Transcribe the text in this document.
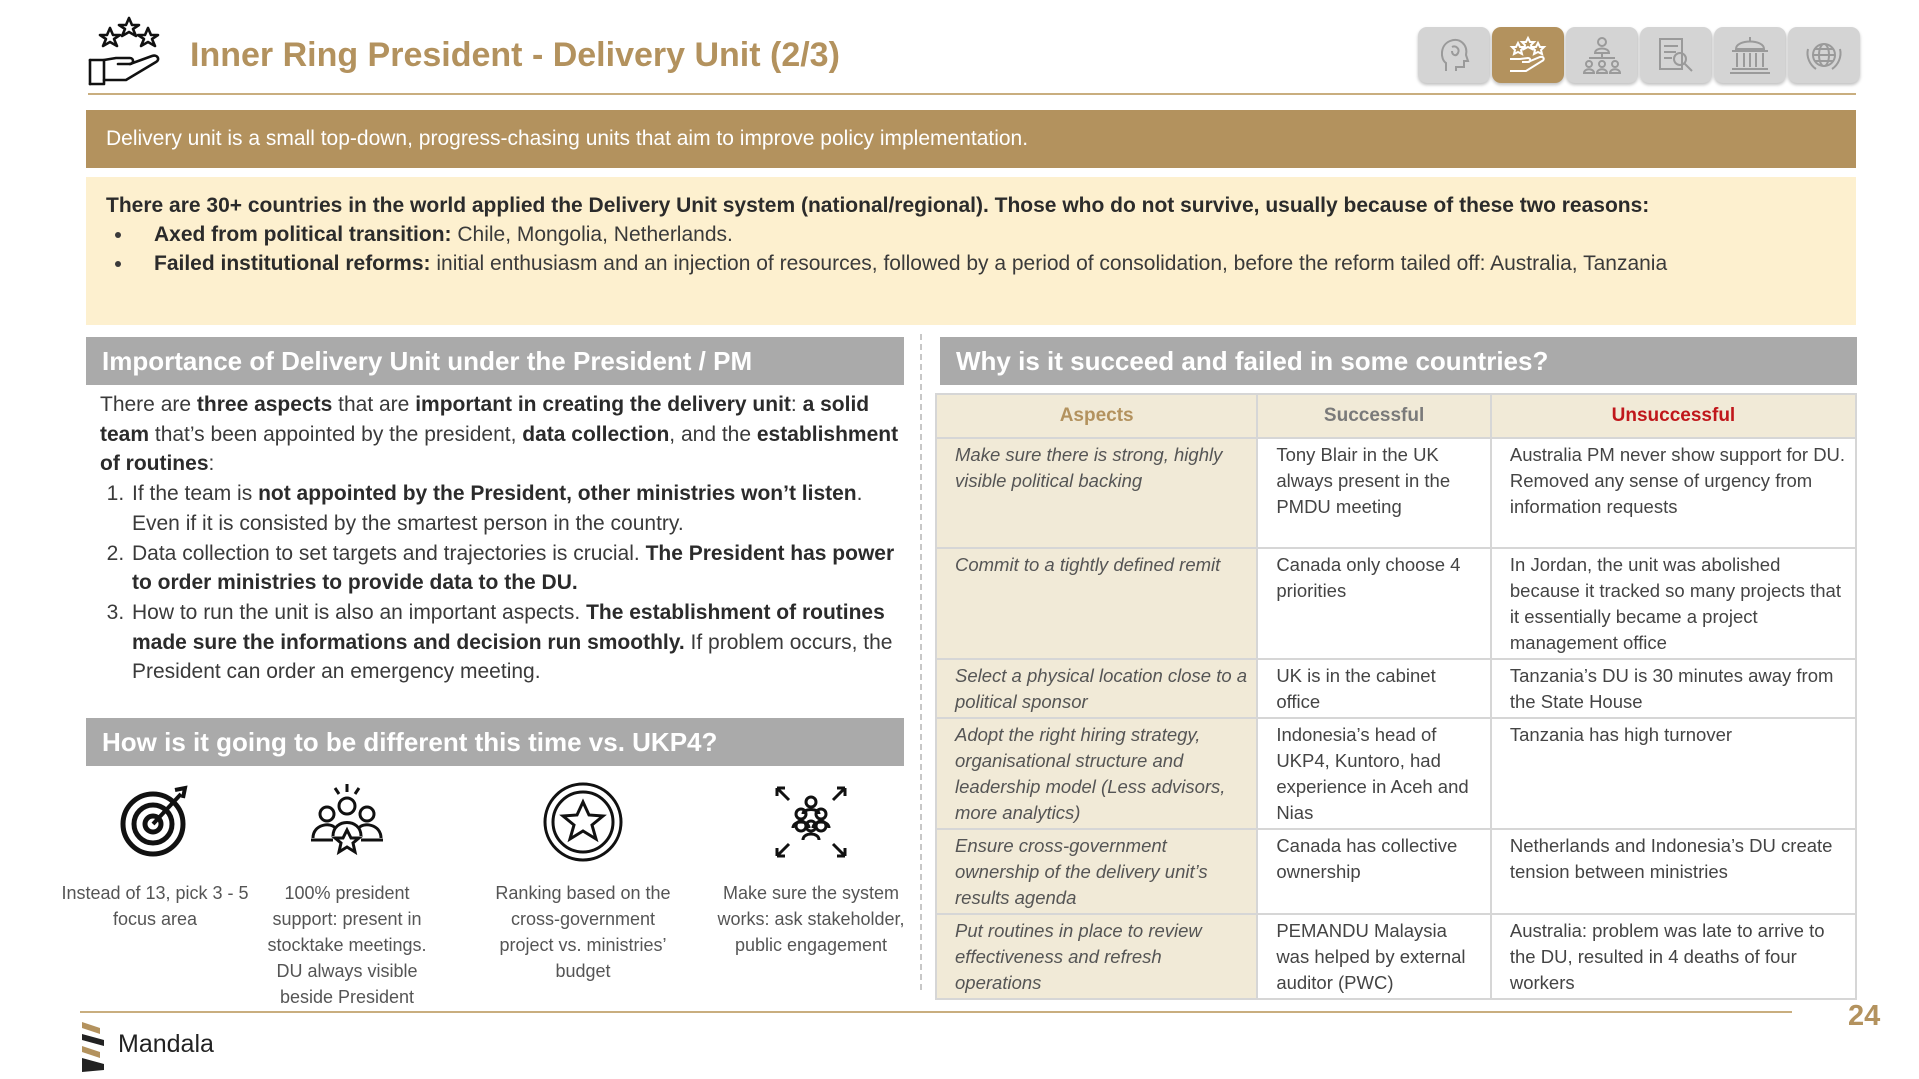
Inner Ring President - Delivery Unit (2/3)
Delivery unit is a small top-down, progress-chasing units that aim to improve policy implementation.
There are 30+ countries in the world applied the Delivery Unit system (national/regional). Those who do not survive, usually because of these two reasons:
• Axed from political transition: Chile, Mongolia, Netherlands.
• Failed institutional reforms: initial enthusiasm and an injection of resources, followed by a period of consolidation, before the reform tailed off: Australia, Tanzania
Importance of Delivery Unit under the President / PM
There are three aspects that are important in creating the delivery unit: a solid team that’s been appointed by the president, data collection, and the establishment of routines:
1. If the team is not appointed by the President, other ministries won’t listen. Even if it is consisted by the smartest person in the country.
2. Data collection to set targets and trajectories is crucial. The President has power to order ministries to provide data to the DU.
3. How to run the unit is also an important aspects. The establishment of routines made sure the informations and decision run smoothly. If problem occurs, the President can order an emergency meeting.
How is it going to be different this time vs. UKP4?
Instead of 13, pick 3 - 5 focus area
100% president support: present in stocktake meetings. DU always visible beside President
Ranking based on the cross-government project vs. ministries’ budget
Make sure the system works: ask stakeholder, public engagement
Why is it succeed and failed in some countries?
Aspects	Successful	Unsuccessful
Make sure there is strong, highly visible political backing	Tony Blair in the UK always present in the PMDU meeting	Australia PM never show support for DU. Removed any sense of urgency from information requests
Commit to a tightly defined remit	Canada only choose 4 priorities	In Jordan, the unit was abolished because it tracked so many projects that it essentially became a project management office
Select a physical location close to a political sponsor	UK is in the cabinet office	Tanzania’s DU is 30 minutes away from the State House
Adopt the right hiring strategy, organisational structure and leadership model (Less advisors, more analytics)	Indonesia’s head of UKP4, Kuntoro, had experience in Aceh and Nias	Tanzania has high turnover
Ensure cross-government ownership of the delivery unit’s results agenda	Canada has collective ownership	Netherlands and Indonesia’s DU create tension between ministries
Put routines in place to review effectiveness and refresh operations	PEMANDU Malaysia was helped by external auditor (PWC)	Australia: problem was late to arrive to the DU, resulted in 4 deaths of four workers
24
Mandala
